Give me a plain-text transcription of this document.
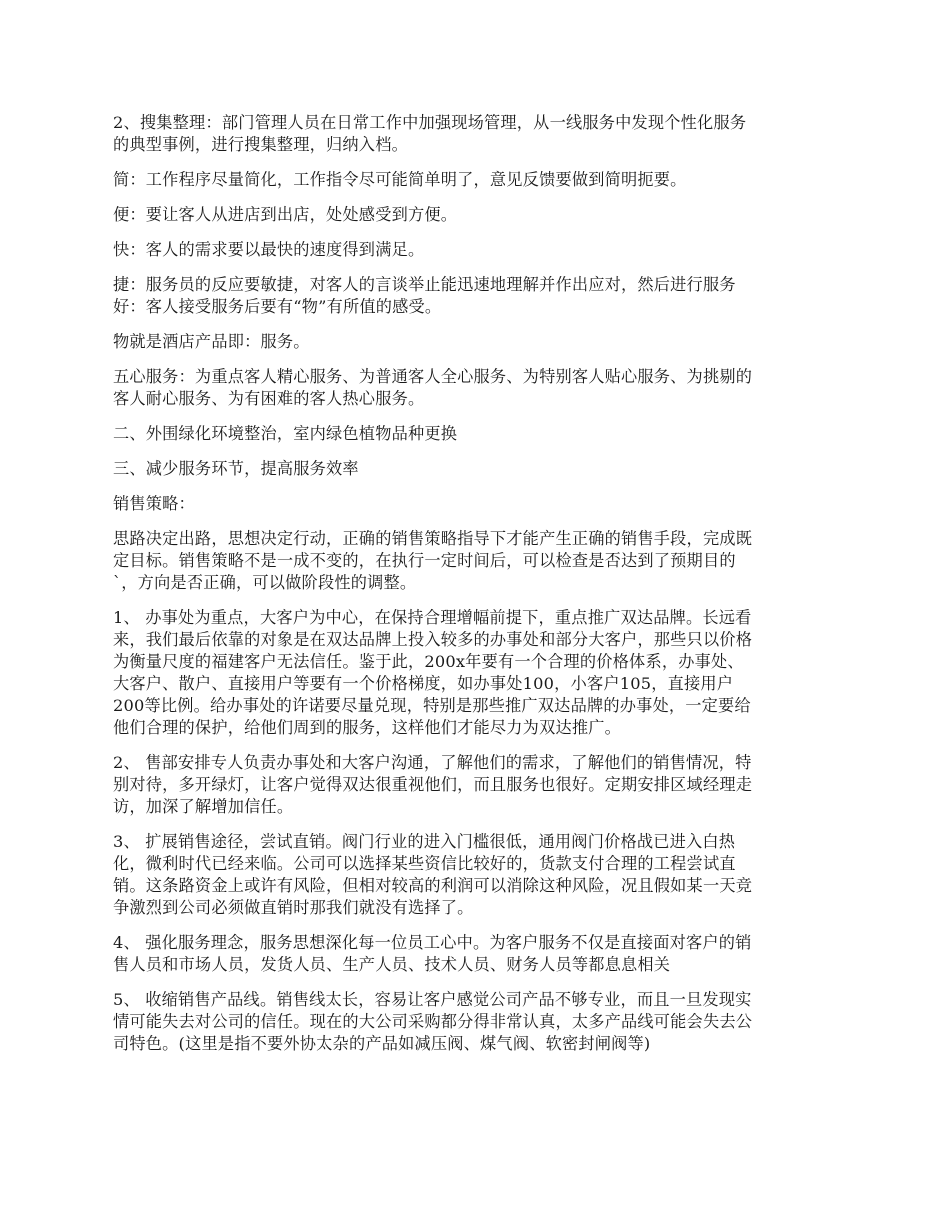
2、搜集整理：部门管理人员在日常工作中加强现场管理，从一线服务中发现个性化服务
的典型事例，进行搜集整理，归纳入档。

简：工作程序尽量简化，工作指令尽可能简单明了，意见反馈要做到简明扼要。

便：要让客人从进店到出店，处处感受到方便。

快：客人的需求要以最快的速度得到满足。

捷：服务员的反应要敏捷，对客人的言谈举止能迅速地理解并作出应对，然后进行服务
好：客人接受服务后要有“物”有所值的感受。

物就是酒店产品即：服务。

五心服务：为重点客人精心服务、为普通客人全心服务、为特别客人贴心服务、为挑剔的
客人耐心服务、为有困难的客人热心服务。

二、外围绿化环境整治，室内绿色植物品种更换

三、减少服务环节，提高服务效率

销售策略：

思路决定出路，思想决定行动，正确的销售策略指导下才能产生正确的销售手段，完成既
定目标。销售策略不是一成不变的，在执行一定时间后，可以检查是否达到了预期目的
`，方向是否正确，可以做阶段性的调整。

1、 办事处为重点，大客户为中心，在保持合理增幅前提下，重点推广双达品牌。长远看
来，我们最后依靠的对象是在双达品牌上投入较多的办事处和部分大客户，那些只以价格
为衡量尺度的福建客户无法信任。鉴于此，200x年要有一个合理的价格体系，办事处、
大客户、散户、直接用户等要有一个价格梯度，如办事处100，小客户105，直接用户
200等比例。给办事处的许诺要尽量兑现，特别是那些推广双达品牌的办事处，一定要给
他们合理的保护，给他们周到的服务，这样他们才能尽力为双达推广。

2、 售部安排专人负责办事处和大客户沟通，了解他们的需求，了解他们的销售情况，特
别对待，多开绿灯，让客户觉得双达很重视他们，而且服务也很好。定期安排区域经理走
访，加深了解增加信任。

3、 扩展销售途径，尝试直销。阀门行业的进入门槛很低，通用阀门价格战已进入白热
化，微利时代已经来临。公司可以选择某些资信比较好的，货款支付合理的工程尝试直
销。这条路资金上或许有风险，但相对较高的利润可以消除这种风险，况且假如某一天竞
争激烈到公司必须做直销时那我们就没有选择了。

4、 强化服务理念，服务思想深化每一位员工心中。为客户服务不仅是直接面对客户的销
售人员和市场人员，发货人员、生产人员、技术人员、财务人员等都息息相关

5、 收缩销售产品线。销售线太长，容易让客户感觉公司产品不够专业，而且一旦发现实
情可能失去对公司的信任。现在的大公司采购都分得非常认真，太多产品线可能会失去公
司特色。(这里是指不要外协太杂的产品如减压阀、煤气阀、软密封闸阀等)
